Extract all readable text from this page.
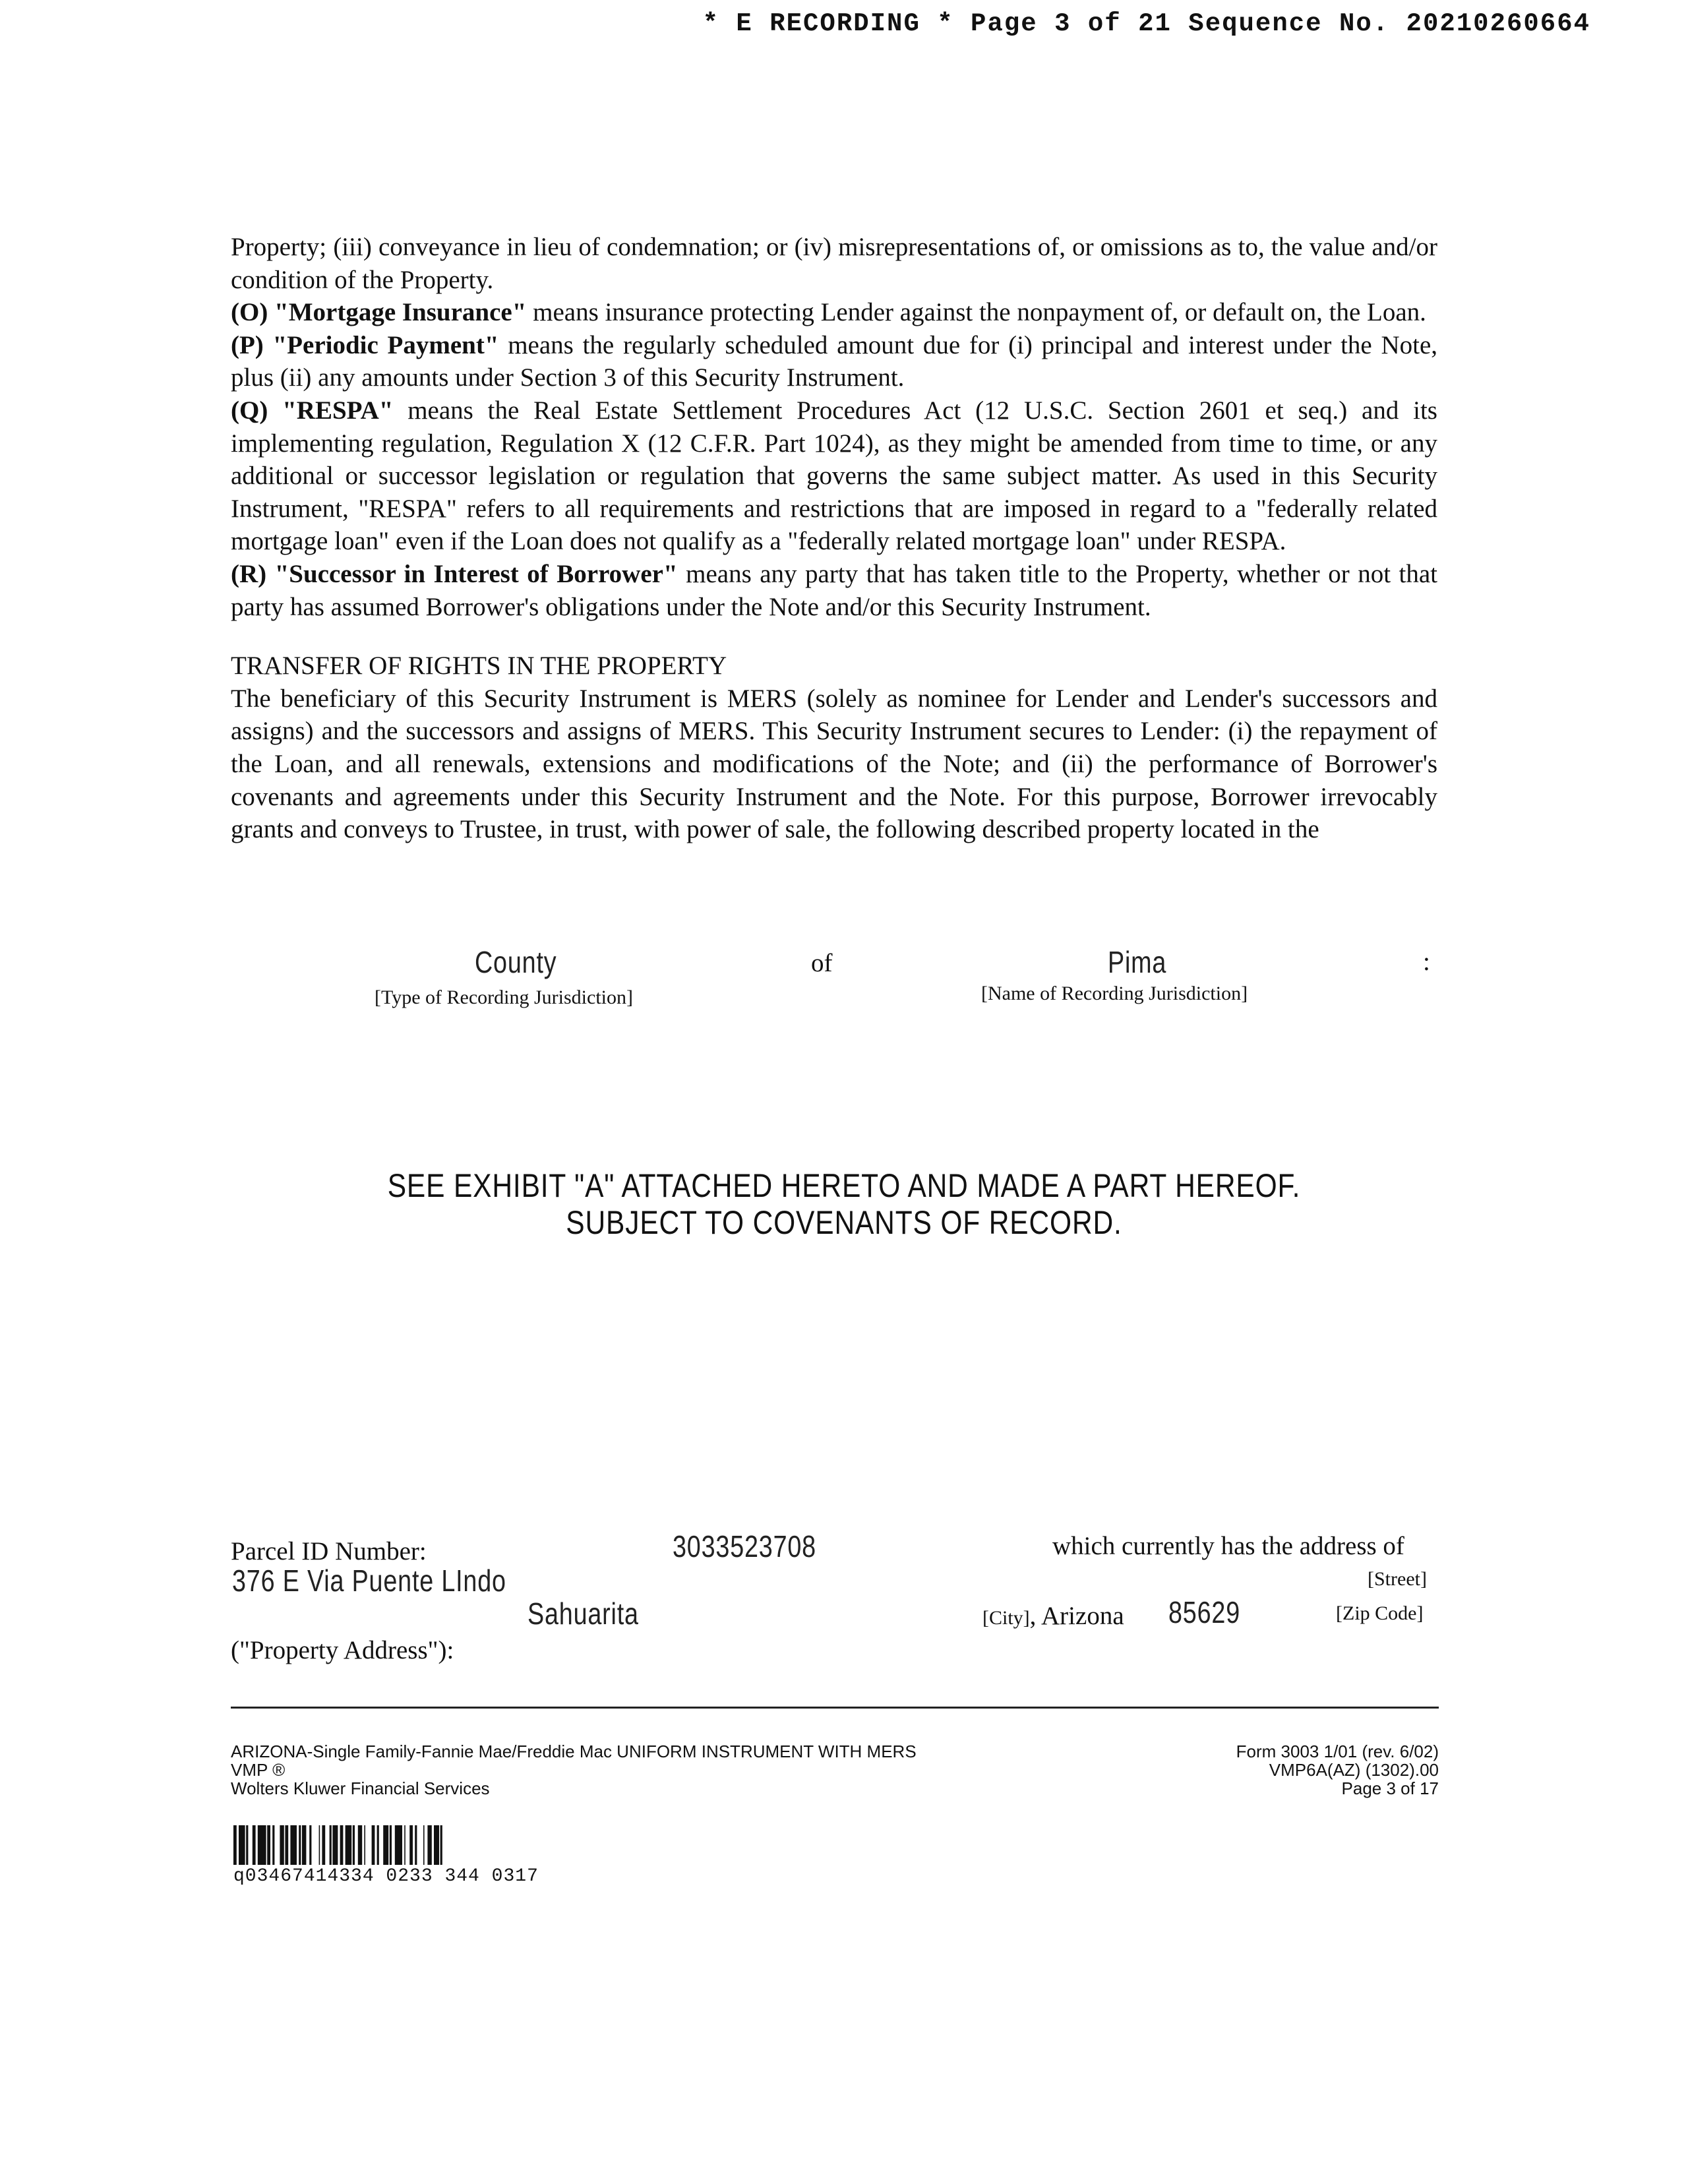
* E RECORDING * Page 3 of 21 Sequence No. 20210260664

Property; (iii) conveyance in lieu of condemnation; or (iv) misrepresentations of, or omissions as to, the value and/or condition of the Property.

(O) "Mortgage Insurance" means insurance protecting Lender against the nonpayment of, or default on, the Loan.

(P) "Periodic Payment" means the regularly scheduled amount due for (i) principal and interest under the Note, plus (ii) any amounts under Section 3 of this Security Instrument.

(Q) "RESPA" means the Real Estate Settlement Procedures Act (12 U.S.C. Section 2601 et seq.) and its implementing regulation, Regulation X (12 C.F.R. Part 1024), as they might be amended from time to time, or any additional or successor legislation or regulation that governs the same subject matter. As used in this Security Instrument, "RESPA" refers to all requirements and restrictions that are imposed in regard to a "federally related mortgage loan" even if the Loan does not qualify as a "federally related mortgage loan" under RESPA.

(R) "Successor in Interest of Borrower" means any party that has taken title to the Property, whether or not that party has assumed Borrower's obligations under the Note and/or this Security Instrument.

TRANSFER OF RIGHTS IN THE PROPERTY

The beneficiary of this Security Instrument is MERS (solely as nominee for Lender and Lender's successors and assigns) and the successors and assigns of MERS. This Security Instrument secures to Lender: (i) the repayment of the Loan, and all renewals, extensions and modifications of the Note; and (ii) the performance of Borrower's covenants and agreements under this Security Instrument and the Note. For this purpose, Borrower irrevocably grants and conveys to Trustee, in trust, with power of sale, the following described property located in the

County	of	Pima	:
[Type of Recording Jurisdiction]	[Name of Recording Jurisdiction]
SEE EXHIBIT "A" ATTACHED HERETO AND MADE A PART HEREOF.
SUBJECT TO COVENANTS OF RECORD.
Parcel ID Number:	3033523708	which currently has the address of
376 E Via Puente LIndo	[Street]
Sahuarita	[City], Arizona 85629	[Zip Code]
("Property Address"):
ARIZONA-Single Family-Fannie Mae/Freddie Mac UNIFORM INSTRUMENT WITH MERS
VMP ®
Wolters Kluwer Financial Services
Form 3003 1/01 (rev. 6/02)
VMP6A(AZ) (1302).00
Page 3 of 17
q03467414334 0233 344 0317
